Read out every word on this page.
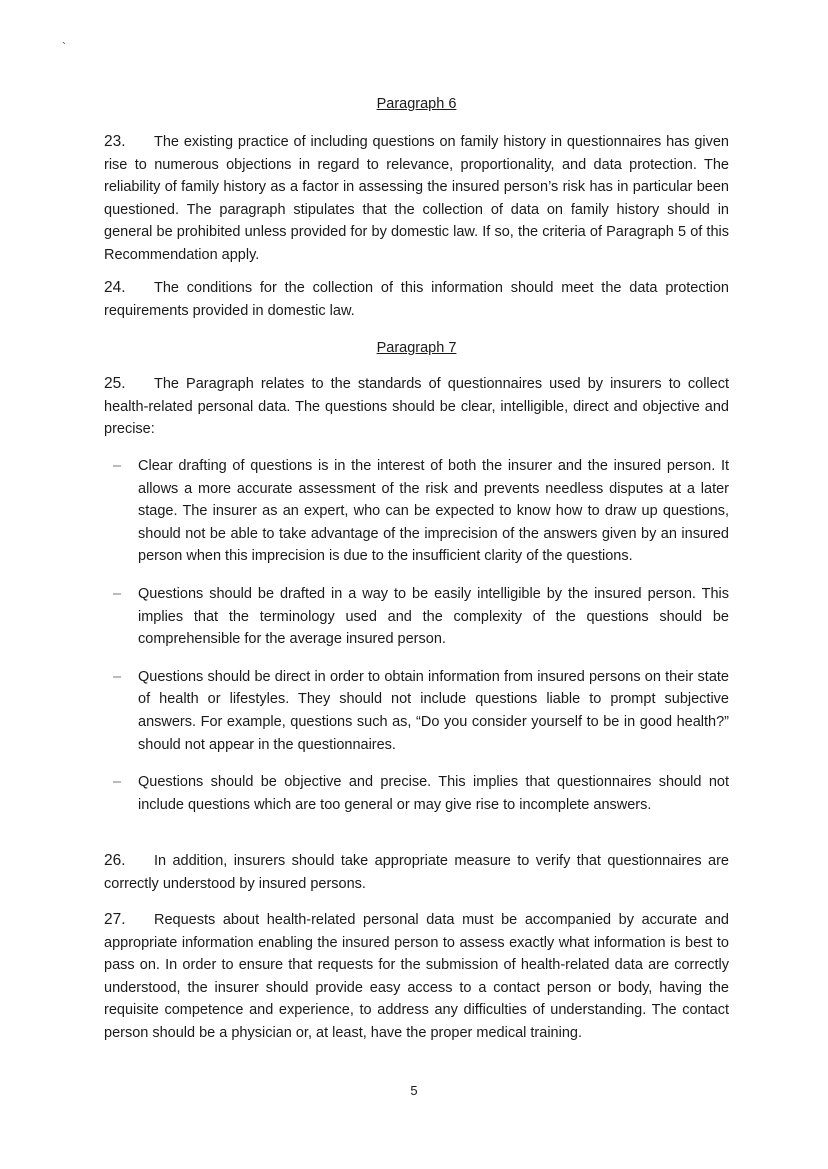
`

Paragraph 6

23. The existing practice of including questions on family history in questionnaires has given rise to numerous objections in regard to relevance, proportionality, and data protection. The reliability of family history as a factor in assessing the insured person’s risk has in particular been questioned. The paragraph stipulates that the collection of data on family history should in general be prohibited unless provided for by domestic law. If so, the criteria of Paragraph 5 of this Recommendation apply.

24. The conditions for the collection of this information should meet the data protection requirements provided in domestic law.

Paragraph 7

25. The Paragraph relates to the standards of questionnaires used by insurers to collect health-related personal data. The questions should be clear, intelligible, direct and objective and precise:

– Clear drafting of questions is in the interest of both the insurer and the insured person. It allows a more accurate assessment of the risk and prevents needless disputes at a later stage. The insurer as an expert, who can be expected to know how to draw up questions, should not be able to take advantage of the imprecision of the answers given by an insured person when this imprecision is due to the insufficient clarity of the questions.
– Questions should be drafted in a way to be easily intelligible by the insured person. This implies that the terminology used and the complexity of the questions should be comprehensible for the average insured person.
– Questions should be direct in order to obtain information from insured persons on their state of health or lifestyles. They should not include questions liable to prompt subjective answers. For example, questions such as, “Do you consider yourself to be in good health?” should not appear in the questionnaires.
– Questions should be objective and precise. This implies that questionnaires should not include questions which are too general or may give rise to incomplete answers.

26. In addition, insurers should take appropriate measure to verify that questionnaires are correctly understood by insured persons.

27. Requests about health-related personal data must be accompanied by accurate and appropriate information enabling the insured person to assess exactly what information is best to pass on. In order to ensure that requests for the submission of health-related data are correctly understood, the insurer should provide easy access to a contact person or body, having the requisite competence and experience, to address any difficulties of understanding. The contact person should be a physician or, at least, have the proper medical training.

5
